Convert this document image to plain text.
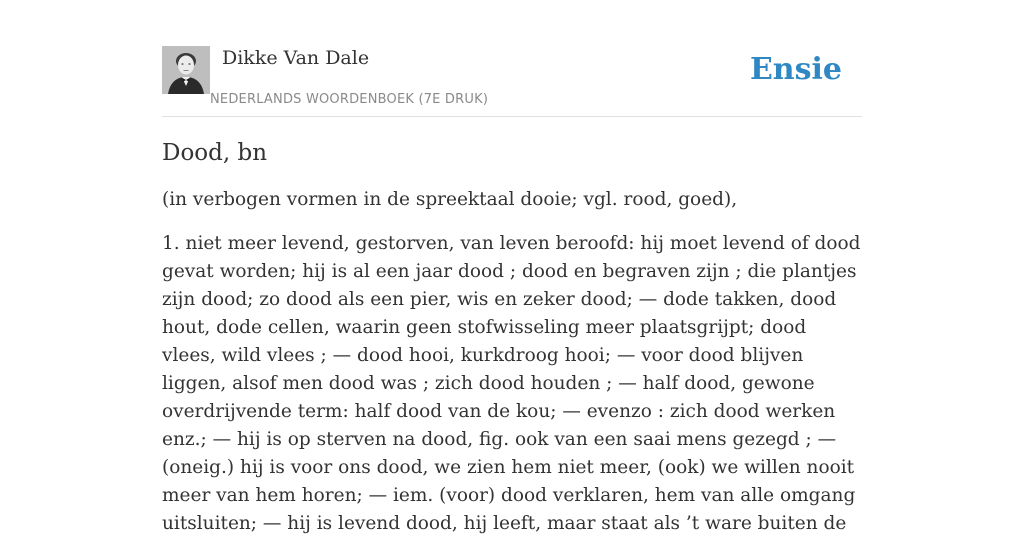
Dikke Van Dale
NEDERLANDS WOORDENBOEK (7E DRUK)
Ensie
Dood, bn

(in verbogen vormen in de spreektaal dooie; vgl. rood, goed),

1. niet meer levend, gestorven, van leven beroofd: hij moet levend of dood gevat worden; hij is al een jaar dood ; dood en begraven zijn ; die plantjes zijn dood; zo dood als een pier, wis en zeker dood; — dode takken, dood hout, dode cellen, waarin geen stofwisseling meer plaatsgrijpt; dood vlees, wild vlees ; — dood hooi, kurkdroog hooi; — voor dood blijven liggen, alsof men dood was ; zich dood houden ; — half dood, gewone overdrijvende term: half dood van de kou; — evenzo : zich dood werken enz.; — hij is op sterven na dood, fig. ook van een saai mens gezegd ; — (oneig.) hij is voor ons dood, we zien hem niet meer, (ook) we willen nooit meer van hem horen; — iem. (voor) dood verklaren, hem van alle omgang uitsluiten; — hij is levend dood, hij leeft, maar staat als ’t ware buiten de
